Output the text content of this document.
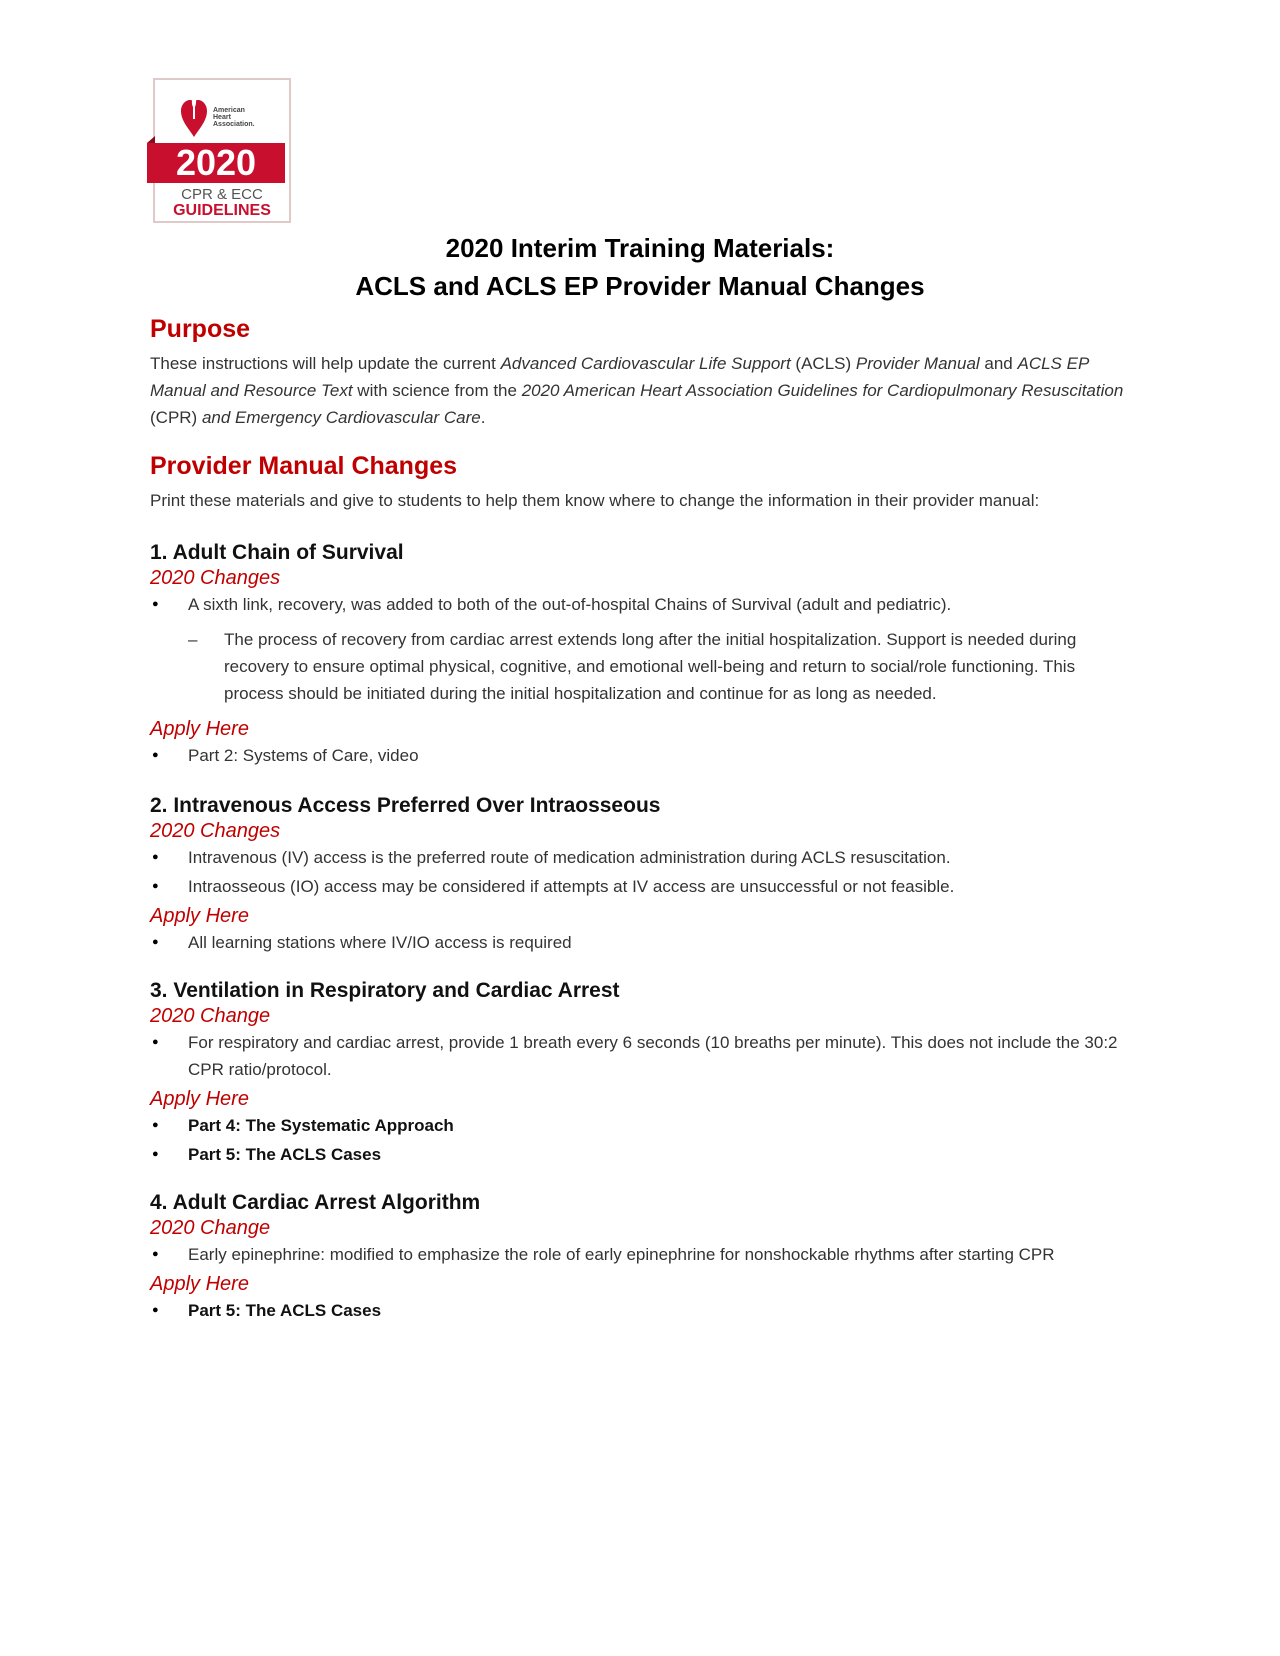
American
Heart
Association.
2020
CPR & ECC
GUIDELINES
2020 Interim Training Materials:
ACLS and ACLS EP Provider Manual Changes
Purpose

These instructions will help update the current Advanced Cardiovascular Life Support (ACLS) Provider Manual and ACLS EP Manual and Resource Text with science from the 2020 American Heart Association Guidelines for Cardiopulmonary Resuscitation (CPR) and Emergency Cardiovascular Care.

Provider Manual Changes

Print these materials and give to students to help them know where to change the information in their provider manual:

1. Adult Chain of Survival
2020 Changes
● A sixth link, recovery, was added to both of the out-of-hospital Chains of Survival (adult and pediatric).
– The process of recovery from cardiac arrest extends long after the initial hospitalization. Support is needed during recovery to ensure optimal physical, cognitive, and emotional well-being and return to social/role functioning. This process should be initiated during the initial hospitalization and continue for as long as needed.
Apply Here
● Part 2: Systems of Care, video
2. Intravenous Access Preferred Over Intraosseous
2020 Changes
● Intravenous (IV) access is the preferred route of medication administration during ACLS resuscitation.
● Intraosseous (IO) access may be considered if attempts at IV access are unsuccessful or not feasible.
Apply Here
● All learning stations where IV/IO access is required
3. Ventilation in Respiratory and Cardiac Arrest
2020 Change
● For respiratory and cardiac arrest, provide 1 breath every 6 seconds (10 breaths per minute). This does not include the 30:2 CPR ratio/protocol.
Apply Here
● Part 4: The Systematic Approach
● Part 5: The ACLS Cases
4. Adult Cardiac Arrest Algorithm
2020 Change
● Early epinephrine: modified to emphasize the role of early epinephrine for nonshockable rhythms after starting CPR
Apply Here
● Part 5: The ACLS Cases
